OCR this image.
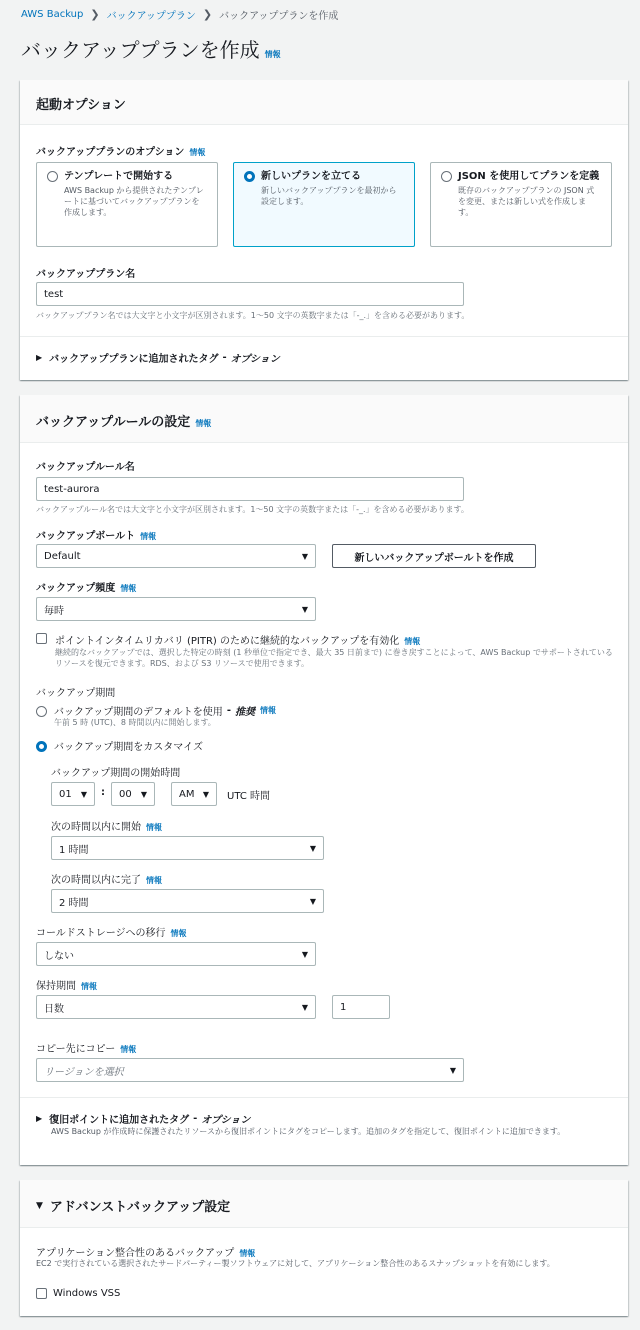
AWS Backup ❯ バックアッププラン ❯ バックアッププランを作成
バックアッププランを作成 情報
起動オプション
バックアッププランのオプション 情報
テンプレートで開始する
AWS Backup から提供されたテンプレートに基づいてバックアッププランを作成します。
新しいプランを立てる
新しいバックアッププランを最初から設定します。
JSON を使用してプランを定義
既存のバックアッププランの JSON 式を変更、または新しい式を作成します。
バックアッププラン名
test
バックアッププラン名では大文字と小文字が区別されます。1〜50 文字の英数字または「-_.」を含める必要があります。
▶ バックアッププランに追加されたタグ - オプション
バックアップルールの設定 情報
バックアップルール名
test-aurora
バックアップルール名では大文字と小文字が区別されます。1〜50 文字の英数字または「-_.」を含める必要があります。
バックアップボールト 情報
Default	▼	新しいバックアップボールトを作成
バックアップ頻度 情報
毎時	▼
ポイントインタイムリカバリ (PITR) のために継続的なバックアップを有効化 情報
継続的なバックアップでは、選択した特定の時刻 (1 秒単位で指定でき、最大 35 日前まで) に巻き戻すことによって、AWS Backup でサポートされているリソースを復元できます。RDS、および S3 リソースで使用できます。
バックアップ期間
バックアップ期間のデフォルトを使用 - 推奨 情報
午前 5 時 (UTC)、8 時間以内に開始します。
バックアップ期間をカスタマイズ
バックアップ期間の開始時間
01 ▼ : 00 ▼	AM ▼ UTC 時間
次の時間以内に開始 情報
1 時間	▼
次の時間以内に完了 情報
2 時間	▼
コールドストレージへの移行 情報
しない	▼
保持期間 情報
日数	▼	1
コピー先にコピー 情報
リージョンを選択	▼
▶ 復旧ポイントに追加されたタグ - オプション
AWS Backup が作成時に保護されたリソースから復旧ポイントにタグをコピーします。追加のタグを指定して、復旧ポイントに追加できます。
▼ アドバンストバックアップ設定
アプリケーション整合性のあるバックアップ 情報
EC2 で実行されている選択されたサードパーティー製ソフトウェアに対して、アプリケーション整合性のあるスナップショットを有効にします。
Windows VSS
